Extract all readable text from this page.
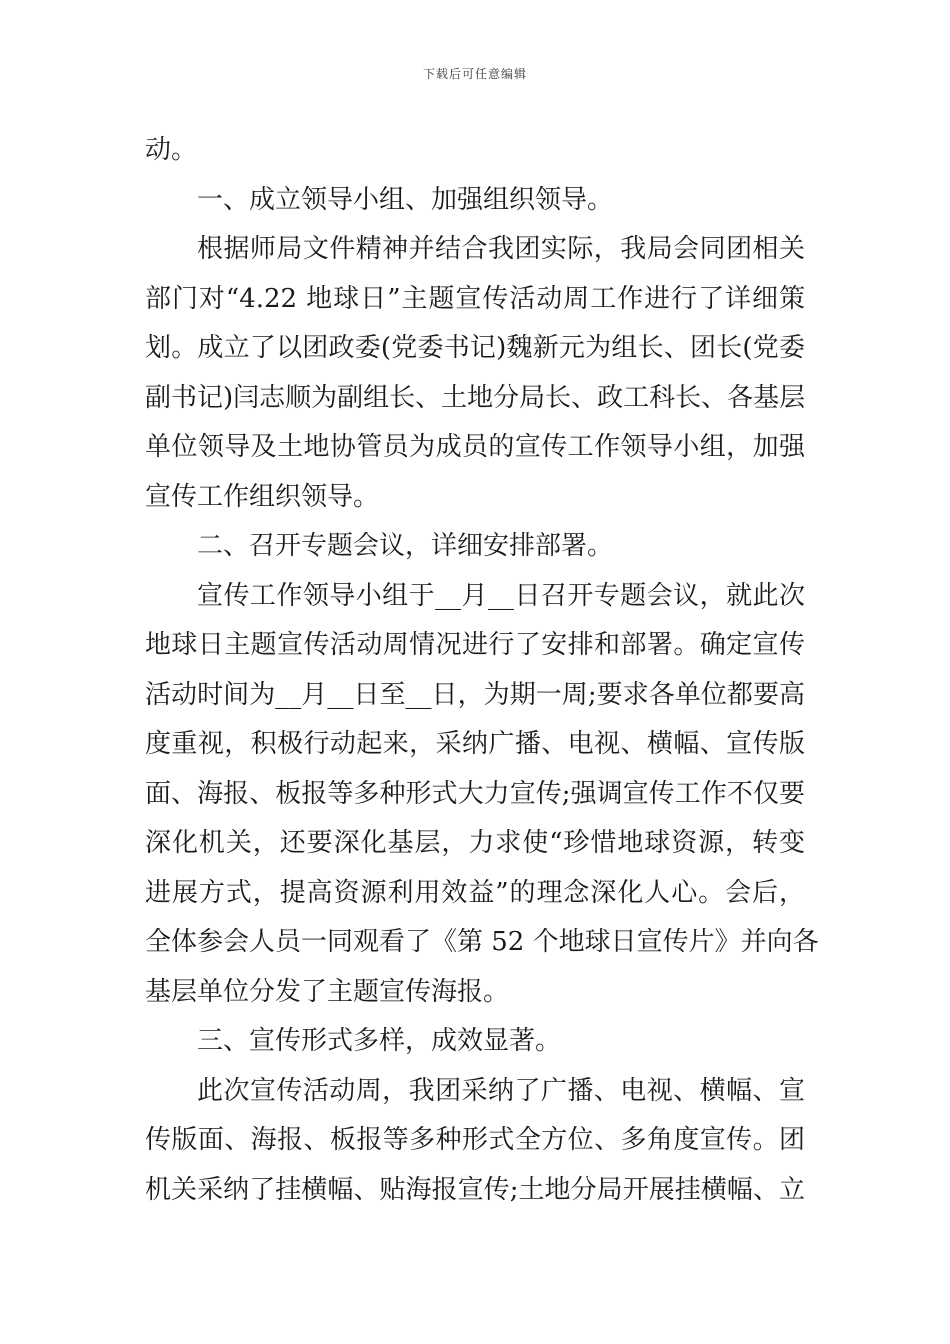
下载后可任意编辑
动。
一、成立领导小组、加强组织领导。
根据师局文件精神并结合我团实际，我局会同团相关
部门对“4.22 地球日”主题宣传活动周工作进行了详细策
划。成立了以团政委(党委书记)魏新元为组长、团长(党委
副书记)闫志顺为副组长、土地分局长、政工科长、各基层
单位领导及土地协管员为成员的宣传工作领导小组，加强
宣传工作组织领导。
二、召开专题会议，详细安排部署。
宣传工作领导小组于__月__日召开专题会议，就此次
地球日主题宣传活动周情况进行了安排和部署。确定宣传
活动时间为__月__日至__日，为期一周;要求各单位都要高
度重视，积极行动起来，采纳广播、电视、横幅、宣传版
面、海报、板报等多种形式大力宣传;强调宣传工作不仅要
深化机关，还要深化基层，力求使“珍惜地球资源，转变
进展方式，提高资源利用效益”的理念深化人心。会后，
全体参会人员一同观看了《第 52 个地球日宣传片》并向各
基层单位分发了主题宣传海报。
三、宣传形式多样，成效显著。
此次宣传活动周，我团采纳了广播、电视、横幅、宣
传版面、海报、板报等多种形式全方位、多角度宣传。团
机关采纳了挂横幅、贴海报宣传;土地分局开展挂横幅、立
